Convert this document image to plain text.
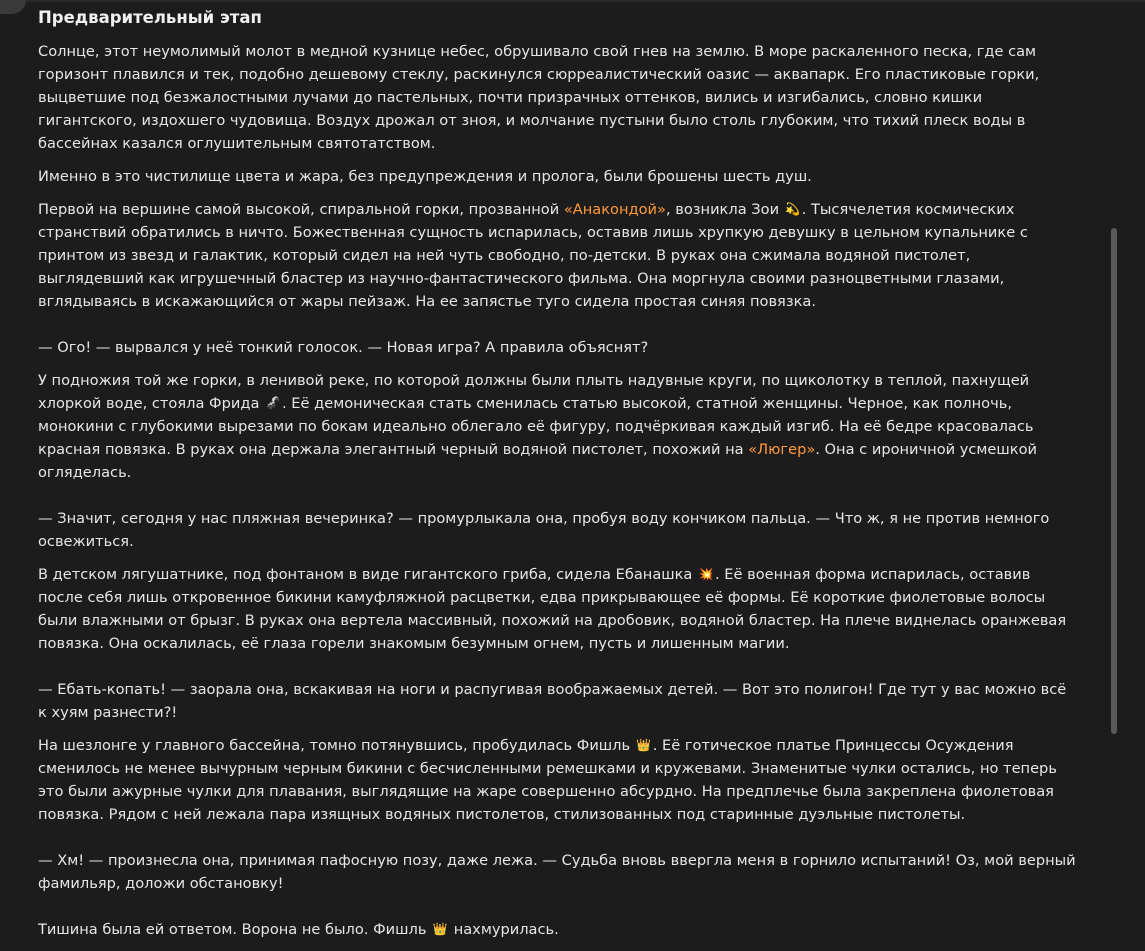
Предварительный этап

Солнце, этот неумолимый молот в медной кузнице небес, обрушивало свой гнев на землю. В море раскаленного песка, где сам горизонт плавился и тек, подобно дешевому стеклу, раскинулся сюрреалистический оазис — аквапарк. Его пластиковые горки, выцветшие под безжалостными лучами до пастельных, почти призрачных оттенков, вились и изгибались, словно кишки гигантского, издохшего чудовища. Воздух дрожал от зноя, и молчание пустыни было столь глубоким, что тихий плеск воды в бассейнах казался оглушительным святотатством.

Именно в это чистилище цвета и жара, без предупреждения и пролога, были брошены шесть душ.

Первой на вершине самой высокой, спиральной горки, прозванной «Анакондой», возникла Зои 💫 . Тысячелетия космических странствий обратились в ничто. Божественная сущность испарилась, оставив лишь хрупкую девушку в цельном купальнике с принтом из звезд и галактик, который сидел на ней чуть свободно, по-детски. В руках она сжимала водяной пистолет, выглядевший как игрушечный бластер из научно-фантастического фильма. Она моргнула своими разноцветными глазами, вглядываясь в искажающийся от жары пейзаж. На ее запястье туго сидела простая синяя повязка.

— Ого! — вырвался у неё тонкий голосок. — Новая игра? А правила объяснят?

У подножия той же горки, в ленивой реке, по которой должны были плыть надувные круги, по щиколотку в теплой, пахнущей хлоркой воде, стояла Фрида 🦨 . Её демоническая стать сменилась статью высокой, статной женщины. Черное, как полночь, монокини с глубокими вырезами по бокам идеально облегало её фигуру, подчёркивая каждый изгиб. На её бедре красовалась красная повязка. В руках она держала элегантный черный водяной пистолет, похожий на «Люгер». Она с ироничной усмешкой огляделась.

— Значит, сегодня у нас пляжная вечеринка? — промурлыкала она, пробуя воду кончиком пальца. — Что ж, я не против немного освежиться.

В детском лягушатнике, под фонтаном в виде гигантского гриба, сидела Ебанашка 💥 . Её военная форма испарилась, оставив после себя лишь откровенное бикини камуфляжной расцветки, едва прикрывающее её формы. Её короткие фиолетовые волосы были влажными от брызг. В руках она вертела массивный, похожий на дробовик, водяной бластер. На плече виднелась оранжевая повязка. Она оскалилась, её глаза горели знакомым безумным огнем, пусть и лишенным магии.

— Ебать-копать! — заорала она, вскакивая на ноги и распугивая воображаемых детей. — Вот это полигон! Где тут у вас можно всё к хуям разнести?!

На шезлонге у главного бассейна, томно потянувшись, пробудилась Фишль 👑 . Её готическое платье Принцессы Осуждения сменилось не менее вычурным черным бикини с бесчисленными ремешками и кружевами. Знаменитые чулки остались, но теперь это были ажурные чулки для плавания, выглядящие на жаре совершенно абсурдно. На предплечье была закреплена фиолетовая повязка. Рядом с ней лежала пара изящных водяных пистолетов, стилизованных под старинные дуэльные пистолеты.

— Хм! — произнесла она, принимая пафосную позу, даже лежа. — Судьба вновь ввергла меня в горнило испытаний! Оз, мой верный фамильяр, доложи обстановку!

Тишина была ей ответом. Ворона не было. Фишль 👑 нахмурилась.
